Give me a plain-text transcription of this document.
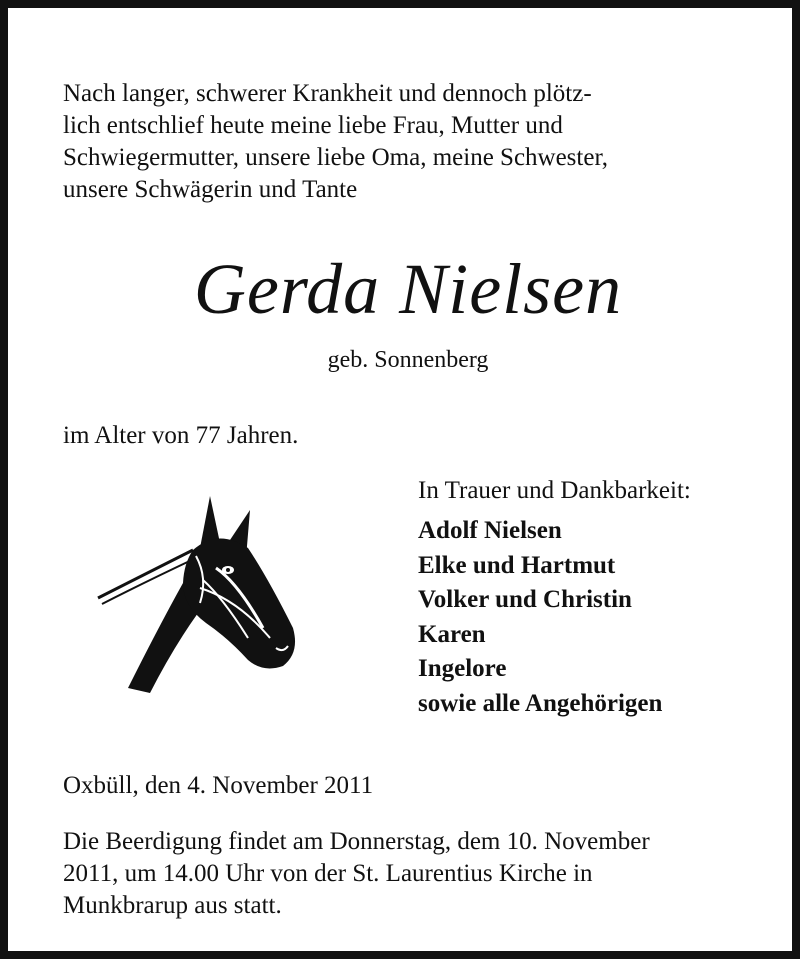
Nach langer, schwerer Krankheit und dennoch plötz-
lich entschlief heute meine liebe Frau, Mutter und
Schwiegermutter, unsere liebe Oma, meine Schwester,
unsere Schwägerin und Tante

Gerda Nielsen
geb. Sonnenberg
im Alter von 77 Jahren.
In Trauer und Dankbarkeit:
Adolf Nielsen
Elke und Hartmut
Volker und Christin
Karen
Ingelore
sowie alle Angehörigen
Oxbüll, den 4. November 2011

Die Beerdigung findet am Donnerstag, dem 10. November
2011, um 14.00 Uhr von der St. Laurentius Kirche in
Munkbrarup aus statt.
